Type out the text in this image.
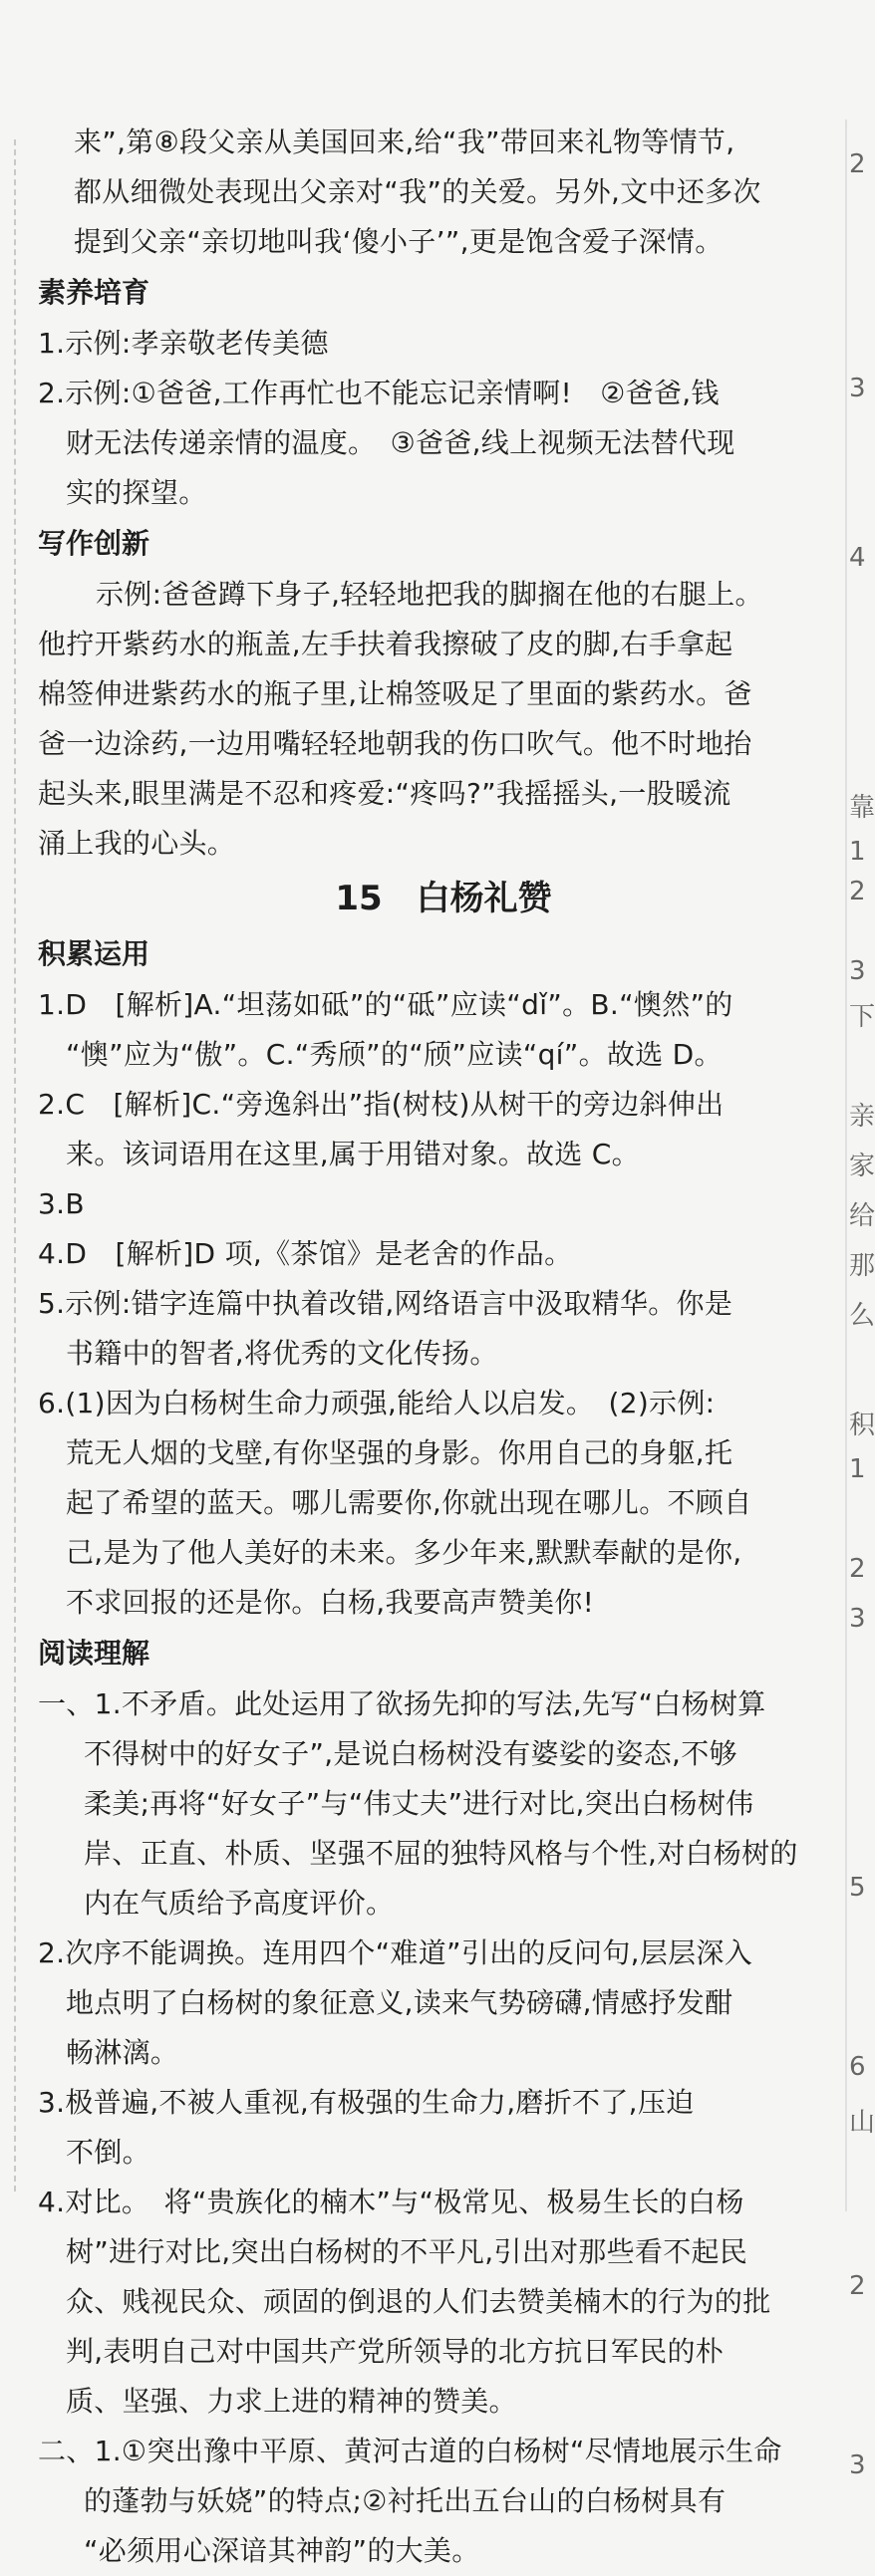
2
3
4
靠
1
2
3
下
亲
家
给
那
么
积
1
2
3
5
6
山
2
3
来”,第⑧段父亲从美国回来,给“我”带回来礼物等情节,
都从细微处表现出父亲对“我”的关爱。另外,文中还多次
提到父亲“亲切地叫我‘傻小子’”,更是饱含爱子深情。
素养培育
1.示例:孝亲敬老传美德
2.示例:①爸爸,工作再忙也不能忘记亲情啊!　②爸爸,钱
财无法传递亲情的温度。　③爸爸,线上视频无法替代现
实的探望。
写作创新
示例:爸爸蹲下身子,轻轻地把我的脚搁在他的右腿上。
他拧开紫药水的瓶盖,左手扶着我擦破了皮的脚,右手拿起
棉签伸进紫药水的瓶子里,让棉签吸足了里面的紫药水。爸
爸一边涂药,一边用嘴轻轻地朝我的伤口吹气。他不时地抬
起头来,眼里满是不忍和疼爱:“疼吗?”我摇摇头,一股暖流
涌上我的心头。
15　白杨礼赞
积累运用
1.D　[解析]A.“坦荡如砥”的“砥”应读“dǐ”。B.“懊然”的
“懊”应为“傲”。C.“秀颀”的“颀”应读“qí”。故选 D。
2.C　[解析]C.“旁逸斜出”指(树枝)从树干的旁边斜伸出
来。该词语用在这里,属于用错对象。故选 C。
3.B
4.D　[解析]D 项,《茶馆》是老舍的作品。
5.示例:错字连篇中执着改错,网络语言中汲取精华。你是
书籍中的智者,将优秀的文化传扬。
6.(1)因为白杨树生命力顽强,能给人以启发。　(2)示例:
荒无人烟的戈壁,有你坚强的身影。你用自己的身躯,托
起了希望的蓝天。哪儿需要你,你就出现在哪儿。不顾自
己,是为了他人美好的未来。多少年来,默默奉献的是你,
不求回报的还是你。白杨,我要高声赞美你!
阅读理解
一、1.不矛盾。此处运用了欲扬先抑的写法,先写“白杨树算
不得树中的好女子”,是说白杨树没有婆娑的姿态,不够
柔美;再将“好女子”与“伟丈夫”进行对比,突出白杨树伟
岸、正直、朴质、坚强不屈的独特风格与个性,对白杨树的
内在气质给予高度评价。
2.次序不能调换。连用四个“难道”引出的反问句,层层深入
地点明了白杨树的象征意义,读来气势磅礴,情感抒发酣
畅淋漓。
3.极普遍,不被人重视,有极强的生命力,磨折不了,压迫
不倒。
4.对比。　将“贵族化的楠木”与“极常见、极易生长的白杨
树”进行对比,突出白杨树的不平凡,引出对那些看不起民
众、贱视民众、顽固的倒退的人们去赞美楠木的行为的批
判,表明自己对中国共产党所领导的北方抗日军民的朴
质、坚强、力求上进的精神的赞美。
二、1.①突出豫中平原、黄河古道的白杨树“尽情地展示生命
的蓬勃与妖娆”的特点;②衬托出五台山的白杨树具有
“必须用心深谙其神韵”的大美。
